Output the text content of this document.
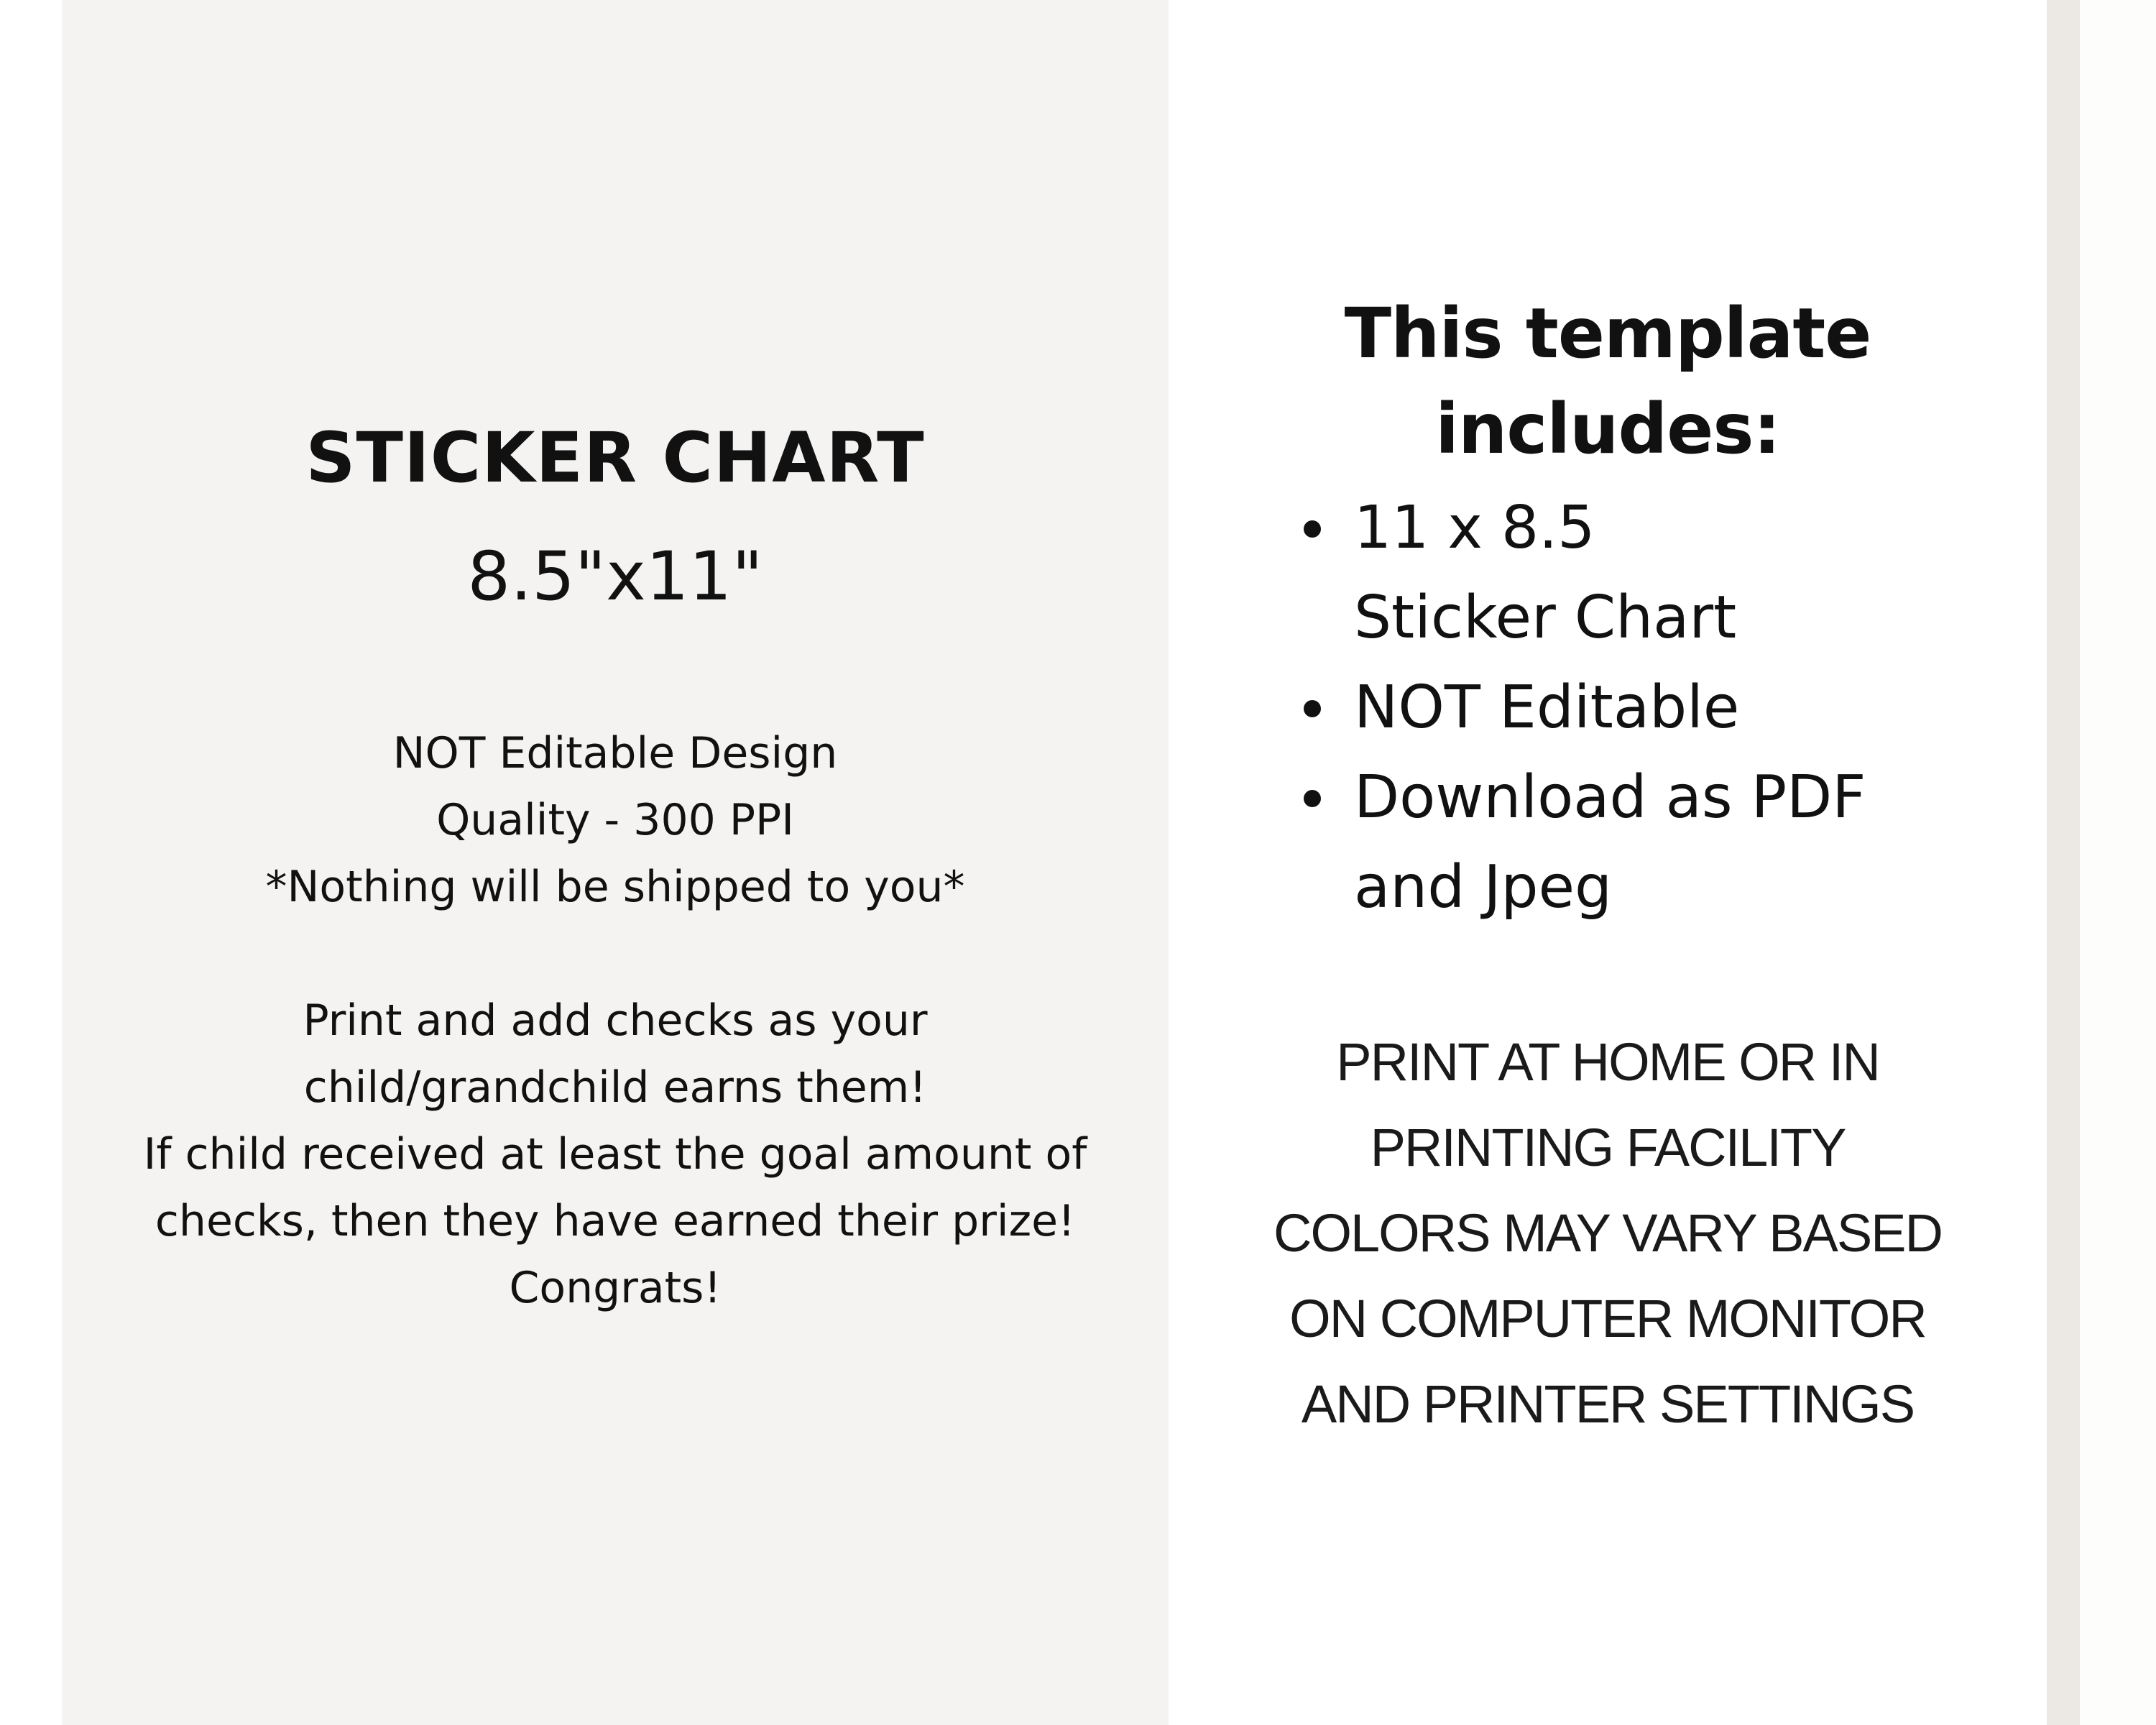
STICKER CHART

8.5"x11"

NOT Editable Design
Quality - 300 PPI
*Nothing will be shipped to you*
Print and add checks as your
child/grandchild earns them!
If child received at least the goal amount of
checks, then they have earned their prize!
Congrats!
This template
includes:
11 x 8.5
Sticker Chart
NOT Editable
Download as PDF
and Jpeg
PRINT AT HOME OR IN
PRINTING FACILITY
COLORS MAY VARY BASED
ON COMPUTER MONITOR
AND PRINTER SETTINGS
